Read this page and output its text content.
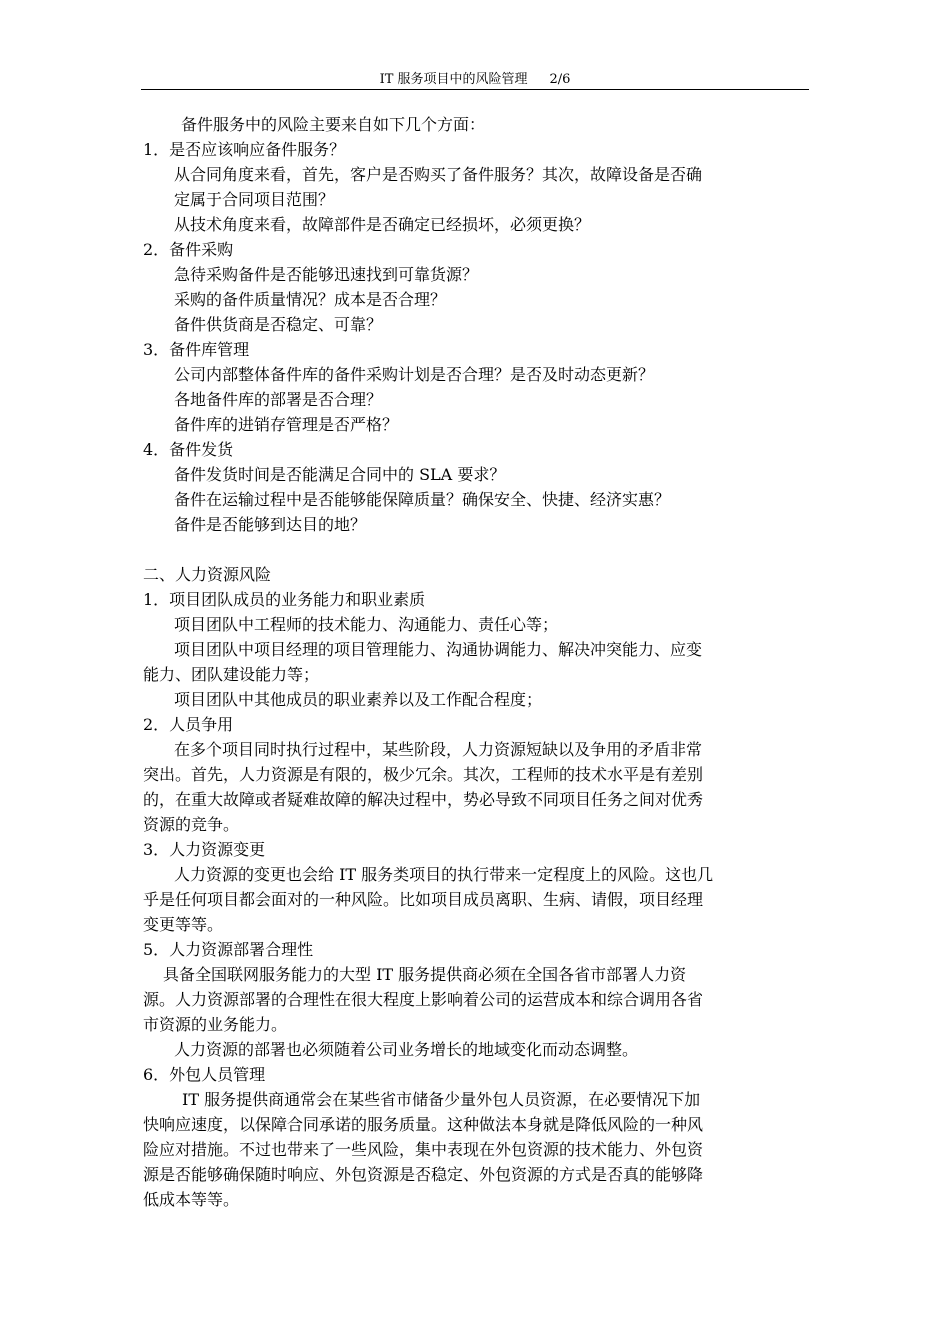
IT 服务项目中的风险管理 2/6
备件服务中的风险主要来自如下几个方面：
1．是否应该响应备件服务？
从合同角度来看，首先，客户是否购买了备件服务？其次，故障设备是否确
定属于合同项目范围？
从技术角度来看，故障部件是否确定已经损坏，必须更换？
2．备件采购
急待采购备件是否能够迅速找到可靠货源？
采购的备件质量情况？成本是否合理？
备件供货商是否稳定、可靠？
3．备件库管理
公司内部整体备件库的备件采购计划是否合理？是否及时动态更新？
各地备件库的部署是否合理？
备件库的进销存管理是否严格？
4．备件发货
备件发货时间是否能满足合同中的 SLA 要求？
备件在运输过程中是否能够能保障质量？确保安全、快捷、经济实惠？
备件是否能够到达目的地？
二、人力资源风险
1．项目团队成员的业务能力和职业素质
项目团队中工程师的技术能力、沟通能力、责任心等；
项目团队中项目经理的项目管理能力、沟通协调能力、解决冲突能力、应变
能力、团队建设能力等；
项目团队中其他成员的职业素养以及工作配合程度；
2．人员争用
在多个项目同时执行过程中，某些阶段，人力资源短缺以及争用的矛盾非常
突出。首先，人力资源是有限的，极少冗余。其次，工程师的技术水平是有差别
的，在重大故障或者疑难故障的解决过程中，势必导致不同项目任务之间对优秀
资源的竞争。
3．人力资源变更
人力资源的变更也会给 IT 服务类项目的执行带来一定程度上的风险。这也几
乎是任何项目都会面对的一种风险。比如项目成员离职、生病、请假，项目经理
变更等等。
5．人力资源部署合理性
具备全国联网服务能力的大型 IT 服务提供商必须在全国各省市部署人力资
源。人力资源部署的合理性在很大程度上影响着公司的运营成本和综合调用各省
市资源的业务能力。
人力资源的部署也必须随着公司业务增长的地域变化而动态调整。
6．外包人员管理
IT 服务提供商通常会在某些省市储备少量外包人员资源，在必要情况下加
快响应速度，以保障合同承诺的服务质量。这种做法本身就是降低风险的一种风
险应对措施。不过也带来了一些风险，集中表现在外包资源的技术能力、外包资
源是否能够确保随时响应、外包资源是否稳定、外包资源的方式是否真的能够降
低成本等等。
